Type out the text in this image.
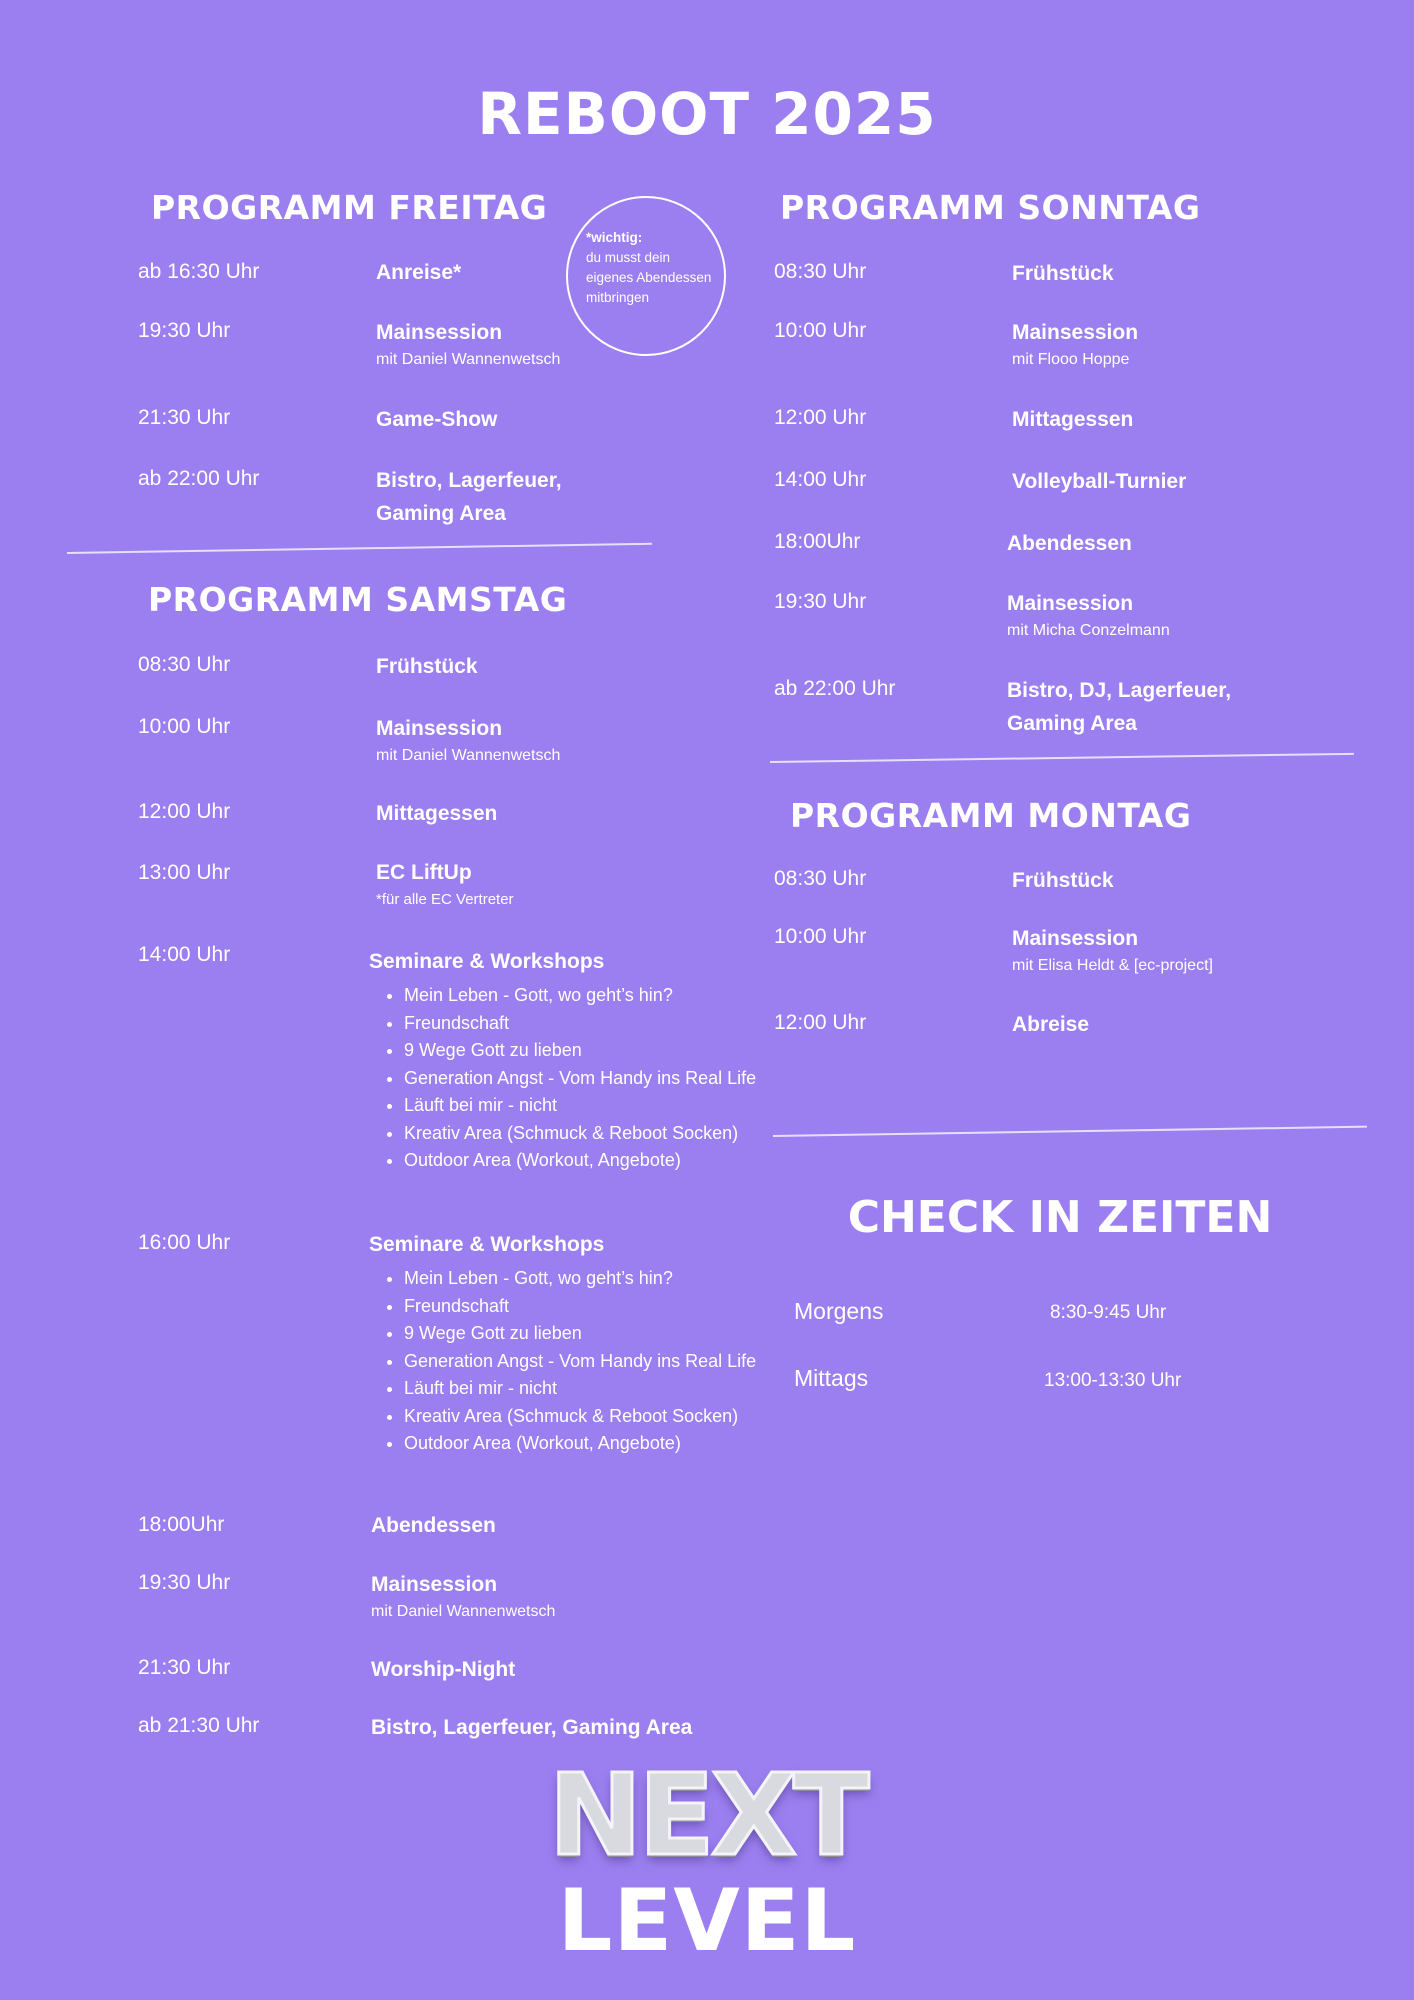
REBOOT 2025
PROGRAMM FREITAG
ab 16:30 Uhr	Anreise*
19:30 Uhr	Mainsession
mit Daniel Wannenwetsch
21:30 Uhr	Game-Show
ab 22:00 Uhr	Bistro, Lagerfeuer,
Gaming Area
*wichtig:
du musst dein
eigenes Abendessen
mitbringen
PROGRAMM SAMSTAG
08:30 Uhr	Frühstück
10:00 Uhr	Mainsession
mit Daniel Wannenwetsch
12:00 Uhr	Mittagessen
13:00 Uhr	EC LiftUp
*für alle EC Vertreter
14:00 Uhr	Seminare & Workshops
• Mein Leben - Gott, wo geht’s hin?
• Freundschaft
• 9 Wege Gott zu lieben
• Generation Angst - Vom Handy ins Real Life
• Läuft bei mir - nicht
• Kreativ Area (Schmuck & Reboot Socken)
• Outdoor Area (Workout, Angebote)
16:00 Uhr	Seminare & Workshops
• Mein Leben - Gott, wo geht’s hin?
• Freundschaft
• 9 Wege Gott zu lieben
• Generation Angst - Vom Handy ins Real Life
• Läuft bei mir - nicht
• Kreativ Area (Schmuck & Reboot Socken)
• Outdoor Area (Workout, Angebote)
18:00Uhr	Abendessen
19:30 Uhr	Mainsession
mit Daniel Wannenwetsch
21:30 Uhr	Worship-Night
ab 21:30 Uhr	Bistro, Lagerfeuer, Gaming Area
PROGRAMM SONNTAG
08:30 Uhr	Frühstück
10:00 Uhr	Mainsession
mit Flooo Hoppe
12:00 Uhr	Mittagessen
14:00 Uhr	Volleyball-Turnier
18:00Uhr	Abendessen
19:30 Uhr	Mainsession
mit Micha Conzelmann
ab 22:00 Uhr	Bistro, DJ, Lagerfeuer,
Gaming Area
PROGRAMM MONTAG
08:30 Uhr	Frühstück
10:00 Uhr	Mainsession
mit Elisa Heldt & [ec-project]
12:00 Uhr	Abreise
CHECK IN ZEITEN
Morgens	8:30-9:45 Uhr
Mittags	13:00-13:30 Uhr
NEXT
LEVEL
